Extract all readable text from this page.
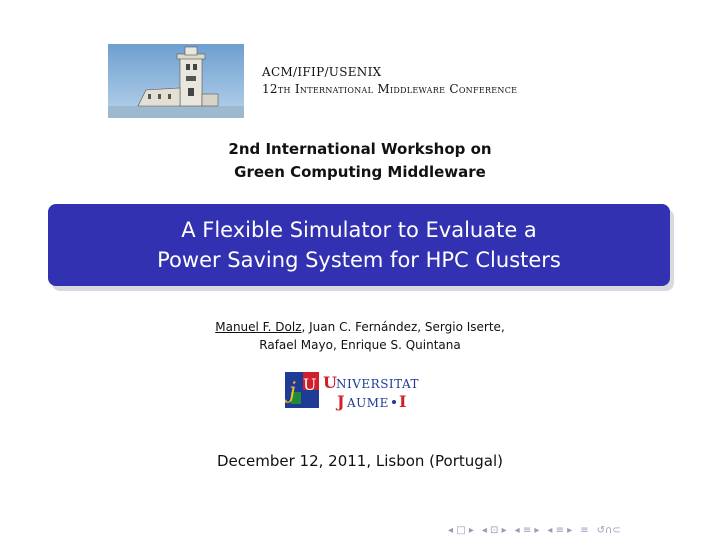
ACM/IFIP/USENIX
12th International Middleware Conference
2nd International Workshop on
Green Computing Middleware
A Flexible Simulator to Evaluate a
Power Saving System for HPC Clusters
Manuel F. Dolz, Juan C. Fernández, Sergio Iserte,
Rafael Mayo, Enrique S. Quintana
j U U NIVERSITAT
J AUME I
December 12, 2011, Lisbon (Portugal)
◂ □ ▸ ◂ ⊡ ▸ ◂ ≡ ▸ ◂ ≡ ▸ ≡ ↺∩⊂
